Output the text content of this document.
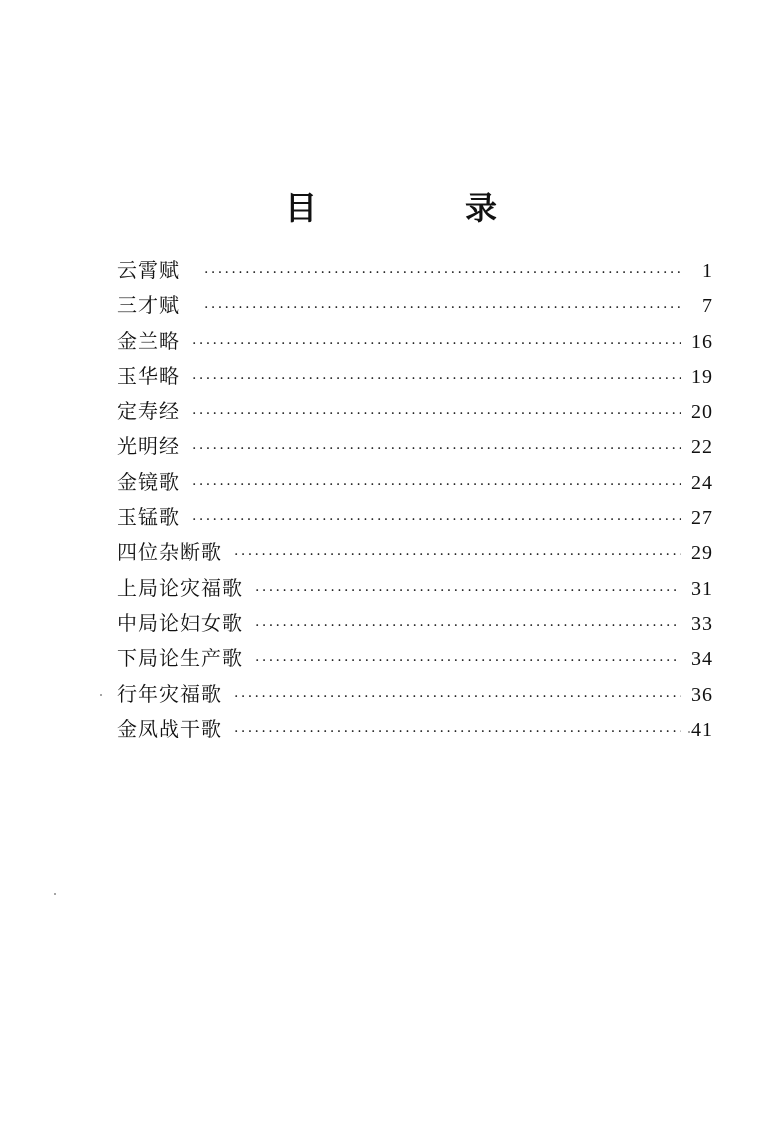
目　录
云霄赋 ·····	1
三才赋 ·····	7
金兰略 ·····	16
玉华略 ·····	19
定寿经 ·····	20
光明经 ·····	22
金镜歌 ·····	24
玉锰歌 ·····	27
四位杂断歌 ·····	29
上局论灾福歌 ·····	31
中局论妇女歌 ·····	33
下局论生产歌 ·····	34
行年灾福歌 ·····	36
金凤战干歌 ·····	41
